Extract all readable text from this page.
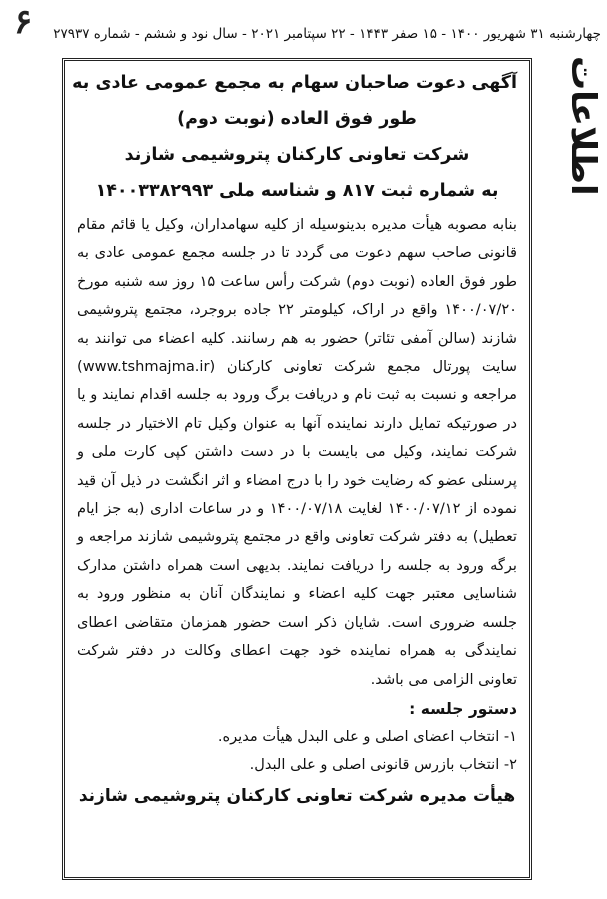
چهارشنبه ۳۱ شهریور ۱۴۰۰ - ۱۵ صفر ۱۴۴۳ - ۲۲ سپتامبر ۲۰۲۱ - سال نود و ششم - شماره ۲۷۹۳۷
۶
اطلاعات
آگهی دعوت صاحبان سهام به مجمع عمومی عادی به
طور فوق العاده (نوبت دوم)
شرکت تعاونی کارکنان پتروشیمی شازند
به شماره ثبت ۸۱۷ و شناسه ملی ۱۴۰۰۳۳۸۲۹۹۳
بنابه مصوبه هیأت مدیره بدینوسیله از کلیه سهامداران، وکیل یا قائم مقام قانونی صاحب سهم دعوت می گردد تا در جلسه مجمع عمومی عادی به طور فوق العاده (نوبت دوم) شرکت رأس ساعت ۱۵ روز سه شنبه مورخ ۱۴۰۰/۰۷/۲۰ واقع در اراک، کیلومتر ۲۲ جاده بروجرد، مجتمع پتروشیمی شازند (سالن آمفی تئاتر) حضور به هم رسانند. کلیه اعضاء می توانند به سایت پورتال مجمع شرکت تعاونی کارکنان (www.tshmajma.ir) مراجعه و نسبت به ثبت نام و دریافت برگ ورود به جلسه اقدام نمایند و یا در صورتیکه تمایل دارند نماینده آنها به عنوان وکیل تام الاختیار در جلسه شرکت نمایند، وکیل می بایست با در دست داشتن کپی کارت ملی و پرسنلی عضو که رضایت خود را با درج امضاء و اثر انگشت در ذیل آن قید نموده از ۱۴۰۰/۰۷/۱۲ لغایت ۱۴۰۰/۰۷/۱۸ و در ساعات اداری (به جز ایام تعطیل) به دفتر شرکت تعاونی واقع در مجتمع پتروشیمی شازند مراجعه و برگه ورود به جلسه را دریافت نمایند. بدیهی است همراه داشتن مدارک شناسایی معتبر جهت کلیه اعضاء و نمایندگان آنان به منظور ورود به جلسه ضروری است. شایان ذکر است حضور همزمان متقاضی اعطای نمایندگی به همراه نماینده خود جهت اعطای وکالت در دفتر شرکت تعاونی الزامی می باشد.
دستور جلسه :
۱- انتخاب اعضای اصلی و علی البدل هیأت مدیره.
۲- انتخاب بازرس قانونی اصلی و علی البدل.
هیأت مدیره شرکت تعاونی کارکنان پتروشیمی شازند
